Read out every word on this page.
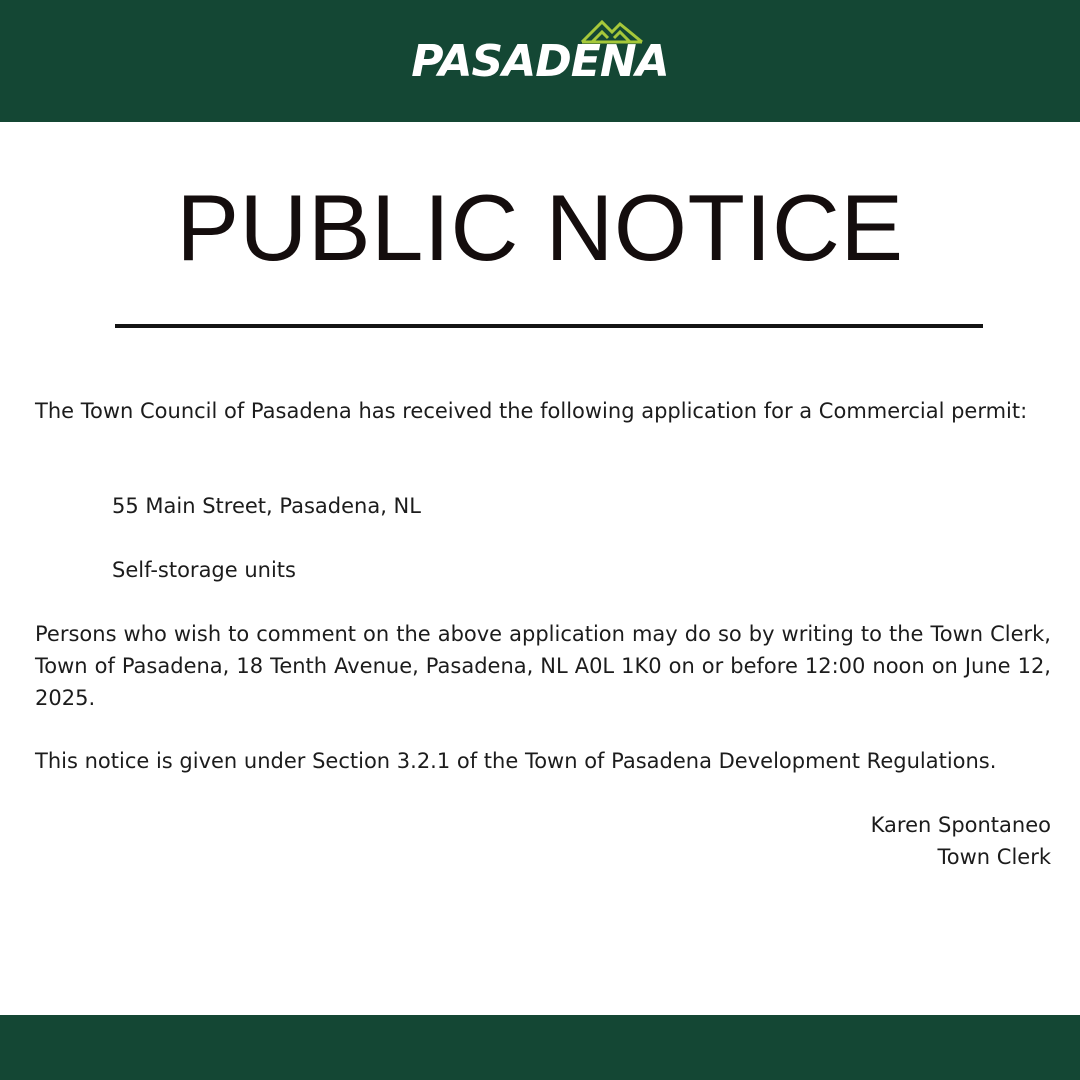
PASADENA
PUBLIC NOTICE

The Town Council of Pasadena has received the following application for a Commercial permit:

55 Main Street, Pasadena, NL

Self-storage units

Persons who wish to comment on the above application may do so by writing to the Town Clerk, Town of Pasadena, 18 Tenth Avenue, Pasadena, NL A0L 1K0 on or before 12:00 noon on June 12, 2025.

This notice is given under Section 3.2.1 of the Town of Pasadena Development Regulations.

Karen Spontaneo
Town Clerk
